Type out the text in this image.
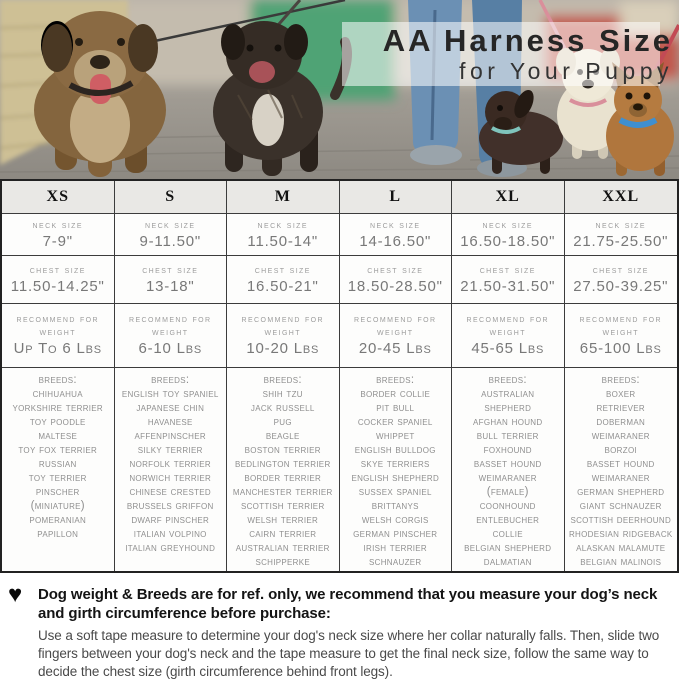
AA Harness Size
for Your Puppy
XS
neck size
7-9"
chest size
11.50-14.25"
recommend for weight
Up To 6 Lbs
breeds:
chihuahua
yorkshire terrier
toy poodle
maltese
toy fox terrier
russian
toy terrier
pinscher
(miniature)
pomeranian
papillon
S
neck size
9-11.50"
chest size
13-18"
recommend for weight
6-10 Lbs
breeds:
english toy spaniel
japanese chin
havanese
affenpinscher
silky terrier
norfolk terrier
norwich terrier
chinese crested
brussels griffon
dwarf pinscher
italian volpino
italian greyhound
M
neck size
11.50-14"
chest size
16.50-21"
recommend for weight
10-20 Lbs
breeds:
shih tzu
jack russell
pug
beagle
boston terrier
bedlington terrier
border terrier
manchester terrier
scottish terrier
welsh terrier
cairn terrier
australian terrier
schipperke
L
neck size
14-16.50"
chest size
18.50-28.50"
recommend for weight
20-45 Lbs
breeds:
border collie
pit bull
cocker spaniel
whippet
english bulldog
skye terriers
english shepherd
sussex spaniel
brittanys
welsh corgis
german pinscher
irish terrier
schnauzer
XL
neck size
16.50-18.50"
chest size
21.50-31.50"
recommend for weight
45-65 Lbs
breeds:
australian
shepherd
afghan hound
bull terrier
foxhound
basset hound
weimaraner
(female)
coonhound
entlebucher
collie
belgian shepherd
dalmatian
XXL
neck size
21.75-25.50"
chest size
27.50-39.25"
recommend for weight
65-100 Lbs
breeds:
boxer
retriever
doberman
weimaraner
borzoi
basset hound
weimaraner
german shepherd
giant schnauzer
scottish deerhound
rhodesian ridgeback
alaskan malamute
belgian malinois
♥	Dog weight & Breeds are for ref. only, we recommend that you measure your dog’s neck and girth circumference before purchase:
Use a soft tape measure to determine your dog's neck size where her collar naturally falls. Then, slide two fingers between your dog's neck and the tape measure to get the final neck size, follow the same way to decide the chest size (girth circumference behind front legs).
